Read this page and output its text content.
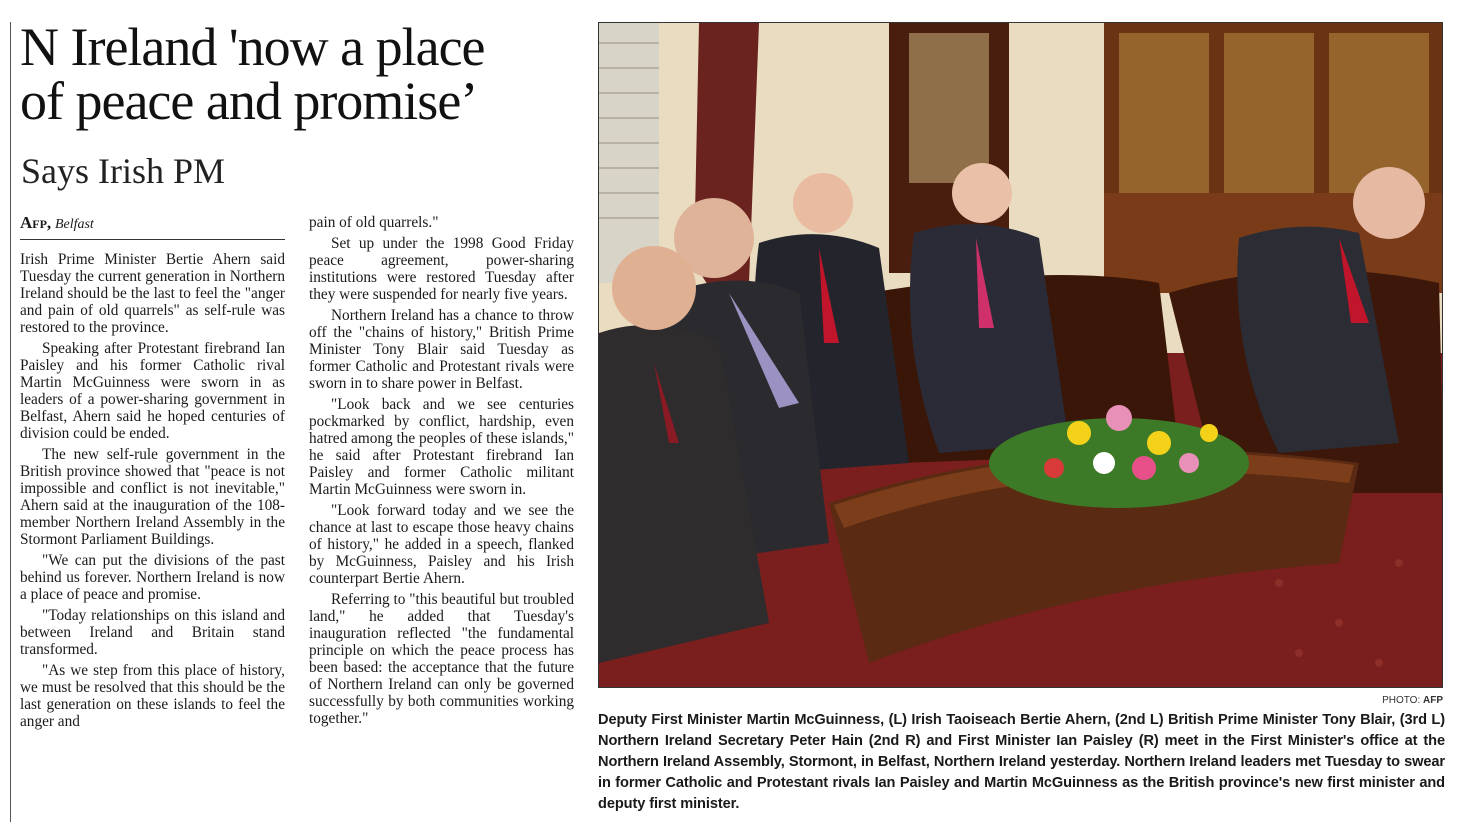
N Ireland 'now a place
of peace and promise’
Says Irish PM
Afp, Belfast

Irish Prime Minister Bertie Ahern said Tuesday the current generation in Northern Ireland should be the last to feel the "anger and pain of old quarrels" as self-rule was restored to the province.

Speaking after Protestant firebrand Ian Paisley and his former Catholic rival Martin McGuinness were sworn in as leaders of a power-sharing government in Belfast, Ahern said he hoped centuries of division could be ended.

The new self-rule government in the British province showed that "peace is not impossible and conflict is not inevitable," Ahern said at the inauguration of the 108-member Northern Ireland Assembly in the Stormont Parliament Buildings.

"We can put the divisions of the past behind us forever. Northern Ireland is now a place of peace and promise.

"Today relationships on this island and between Ireland and Britain stand transformed.

"As we step from this place of history, we must be resolved that this should be the last generation on these islands to feel the anger and

pain of old quarrels."

Set up under the 1998 Good Friday peace agreement, power-sharing institutions were restored Tuesday after they were suspended for nearly five years.

Northern Ireland has a chance to throw off the "chains of history," British Prime Minister Tony Blair said Tuesday as former Catholic and Protestant rivals were sworn in to share power in Belfast.

"Look back and we see centuries pockmarked by conflict, hardship, even hatred among the peoples of these islands," he said after Protestant firebrand Ian Paisley and former Catholic militant Martin McGuinness were sworn in.

"Look forward today and we see the chance at last to escape those heavy chains of history," he added in a speech, flanked by McGuinness, Paisley and his Irish counterpart Bertie Ahern.

Referring to "this beautiful but troubled land," he added that Tuesday's inauguration reflected "the fundamental principle on which the peace process has been based: the acceptance that the future of Northern Ireland can only be governed successfully by both communities working together."

PHOTO: AFP
Deputy First Minister Martin McGuinness, (L) Irish Taoiseach Bertie Ahern, (2nd L) British Prime Minister Tony Blair, (3rd L) Northern Ireland Secretary Peter Hain (2nd R) and First Minister Ian Paisley (R) meet in the First Minister's office at the Northern Ireland Assembly, Stormont, in Belfast, Northern Ireland yesterday. Northern Ireland leaders met Tuesday to swear in former Catholic and Protestant rivals Ian Paisley and Martin McGuinness as the British province's new first minister and deputy first minister.
